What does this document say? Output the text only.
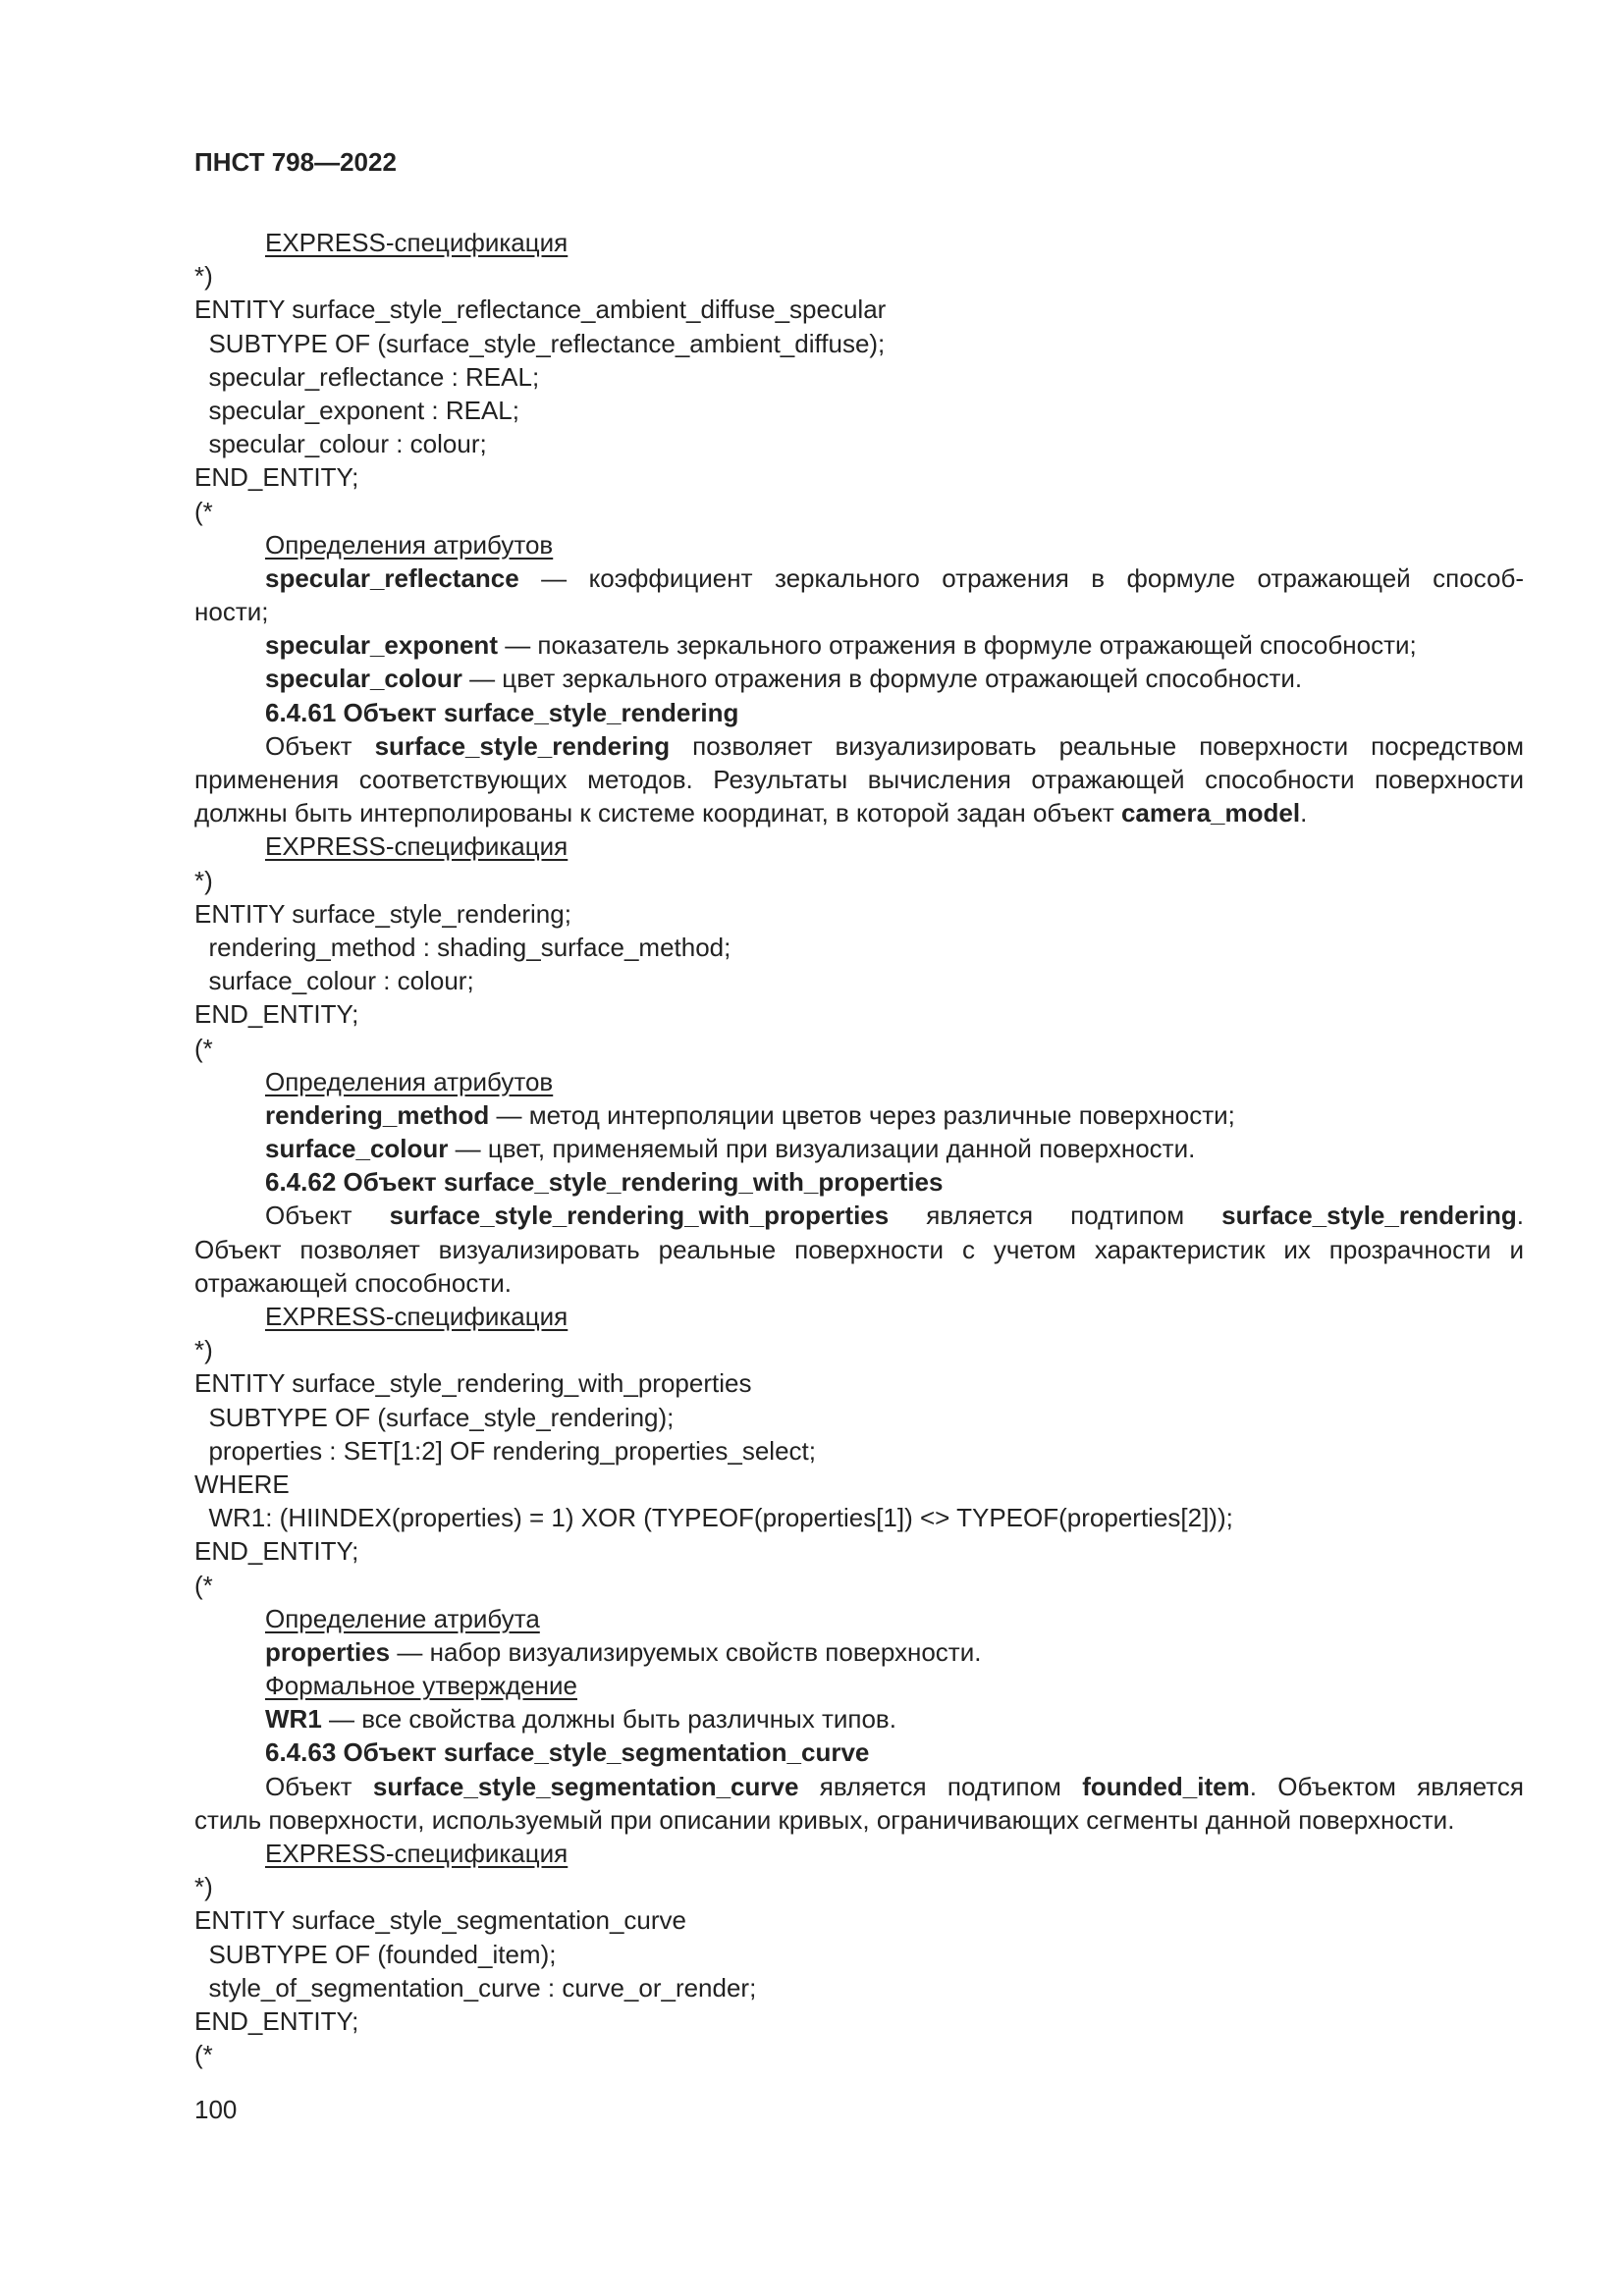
ПНСТ 798—2022
EXPRESS-спецификация
*)
ENTITY surface_style_reflectance_ambient_diffuse_specular
SUBTYPE OF (surface_style_reflectance_ambient_diffuse);
specular_reflectance : REAL;
specular_exponent : REAL;
specular_colour : colour;
END_ENTITY;
(*
Определения атрибутов
specular_reflectance — коэффициент зеркального отражения в формуле отражающей способ-
ности;
specular_exponent — показатель зеркального отражения в формуле отражающей способности;
specular_colour — цвет зеркального отражения в формуле отражающей способности.
6.4.61 Объект surface_style_rendering
Объект surface_style_rendering позволяет визуализировать реальные поверхности посредством
применения соответствующих методов. Результаты вычисления отражающей способности поверхности
должны быть интерполированы к системе координат, в которой задан объект camera_model.
EXPRESS-спецификация
*)
ENTITY surface_style_rendering;
rendering_method : shading_surface_method;
surface_colour : colour;
END_ENTITY;
(*
Определения атрибутов
rendering_method — метод интерполяции цветов через различные поверхности;
surface_colour — цвет, применяемый при визуализации данной поверхности.
6.4.62 Объект surface_style_rendering_with_properties
Объект surface_style_rendering_with_properties является подтипом surface_style_rendering.
Объект позволяет визуализировать реальные поверхности с учетом характеристик их прозрачности и
отражающей способности.
EXPRESS-спецификация
*)
ENTITY surface_style_rendering_with_properties
SUBTYPE OF (surface_style_rendering);
properties : SET[1:2] OF rendering_properties_select;
WHERE
WR1: (HIINDEX(properties) = 1) XOR (TYPEOF(properties[1]) <> TYPEOF(properties[2]));
END_ENTITY;
(*
Определение атрибута
properties — набор визуализируемых свойств поверхности.
Формальное утверждение
WR1 — все свойства должны быть различных типов.
6.4.63 Объект surface_style_segmentation_curve
Объект surface_style_segmentation_curve является подтипом founded_item. Объектом является
стиль поверхности, используемый при описании кривых, ограничивающих сегменты данной поверхности.
EXPRESS-спецификация
*)
ENTITY surface_style_segmentation_curve
SUBTYPE OF (founded_item);
style_of_segmentation_curve : curve_or_render;
END_ENTITY;
(*
100
